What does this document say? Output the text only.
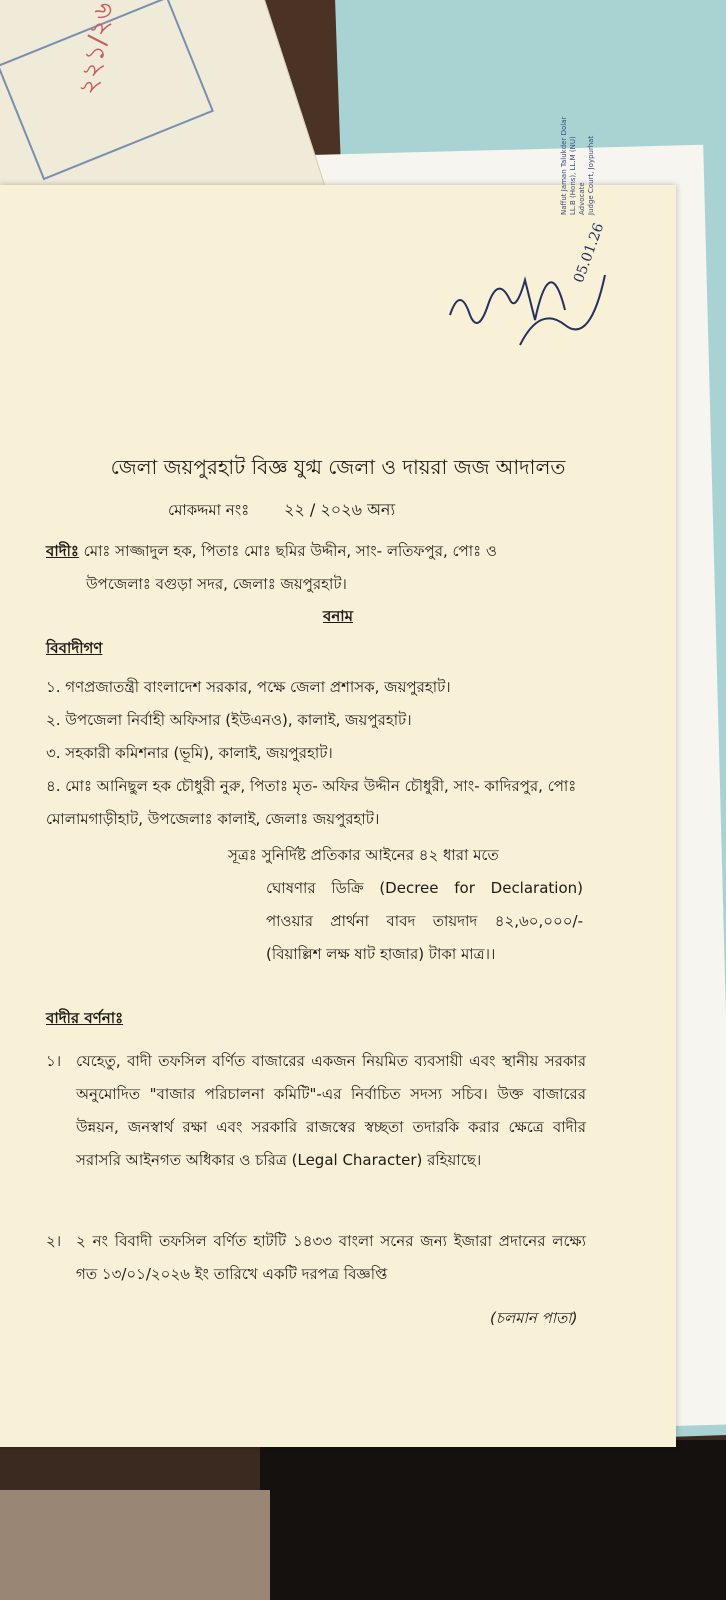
২২১/২৬
05.01.26
Naffut Jaman Talukder Dolar LL.B (Hons), LL.M (NU) Advocate Judge Court, Joypurhat
জেলা জয়পুরহাট বিজ্ঞ যুগ্ম জেলা ও দায়রা জজ আদালত
মোকদ্দমা নংঃ ২২ / ২০২৬ অন্য
বাদীঃ মোঃ সাজ্জাদুল হক, পিতাঃ মোঃ ছমির উদ্দীন, সাং- লতিফপুর, পোঃ ও
উপজেলাঃ বগুড়া সদর, জেলাঃ জয়পুরহাট।
বনাম
বিবাদীগণ

১. গণপ্রজাতন্ত্রী বাংলাদেশ সরকার, পক্ষে জেলা প্রশাসক, জয়পুরহাট।

২. উপজেলা নির্বাহী অফিসার (ইউএনও), কালাই, জয়পুরহাট।

৩. সহকারী কমিশনার (ভূমি), কালাই, জয়পুরহাট।

৪. মোঃ আনিছুল হক চৌধুরী নুরু, পিতাঃ মৃত- অফির উদ্দীন চৌধুরী, সাং- কাদিরপুর, পোঃ মোলামগাড়ীহাট, উপজেলাঃ কালাই, জেলাঃ জয়পুরহাট।

সূত্রঃ সুনির্দিষ্ট প্রতিকার আইনের ৪২ ধারা মতে
ঘোষণার ডিক্রি (Decree for Declaration) পাওয়ার প্রার্থনা বাবদ তায়দাদ ৪২,৬০,০০০/- (বিয়াল্লিশ লক্ষ ষাট হাজার) টাকা মাত্র।।
বাদীর বর্ণনাঃ
১। যেহেতু, বাদী তফসিল বর্ণিত বাজারের একজন নিয়মিত ব্যবসায়ী এবং স্থানীয় সরকার অনুমোদিত "বাজার পরিচালনা কমিটি"-এর নির্বাচিত সদস্য সচিব। উক্ত বাজারের উন্নয়ন, জনস্বার্থ রক্ষা এবং সরকারি রাজস্বের স্বচ্ছতা তদারকি করার ক্ষেত্রে বাদীর সরাসরি আইনগত অধিকার ও চরিত্র (Legal Character) রহিয়াছে।
২। ২ নং বিবাদী তফসিল বর্ণিত হাটটি ১৪৩৩ বাংলা সনের জন্য ইজারা প্রদানের লক্ষ্যে গত ১৩/০১/২০২৬ ইং তারিখে একটি দরপত্র বিজ্ঞপ্তি
(চলমান পাতা)
